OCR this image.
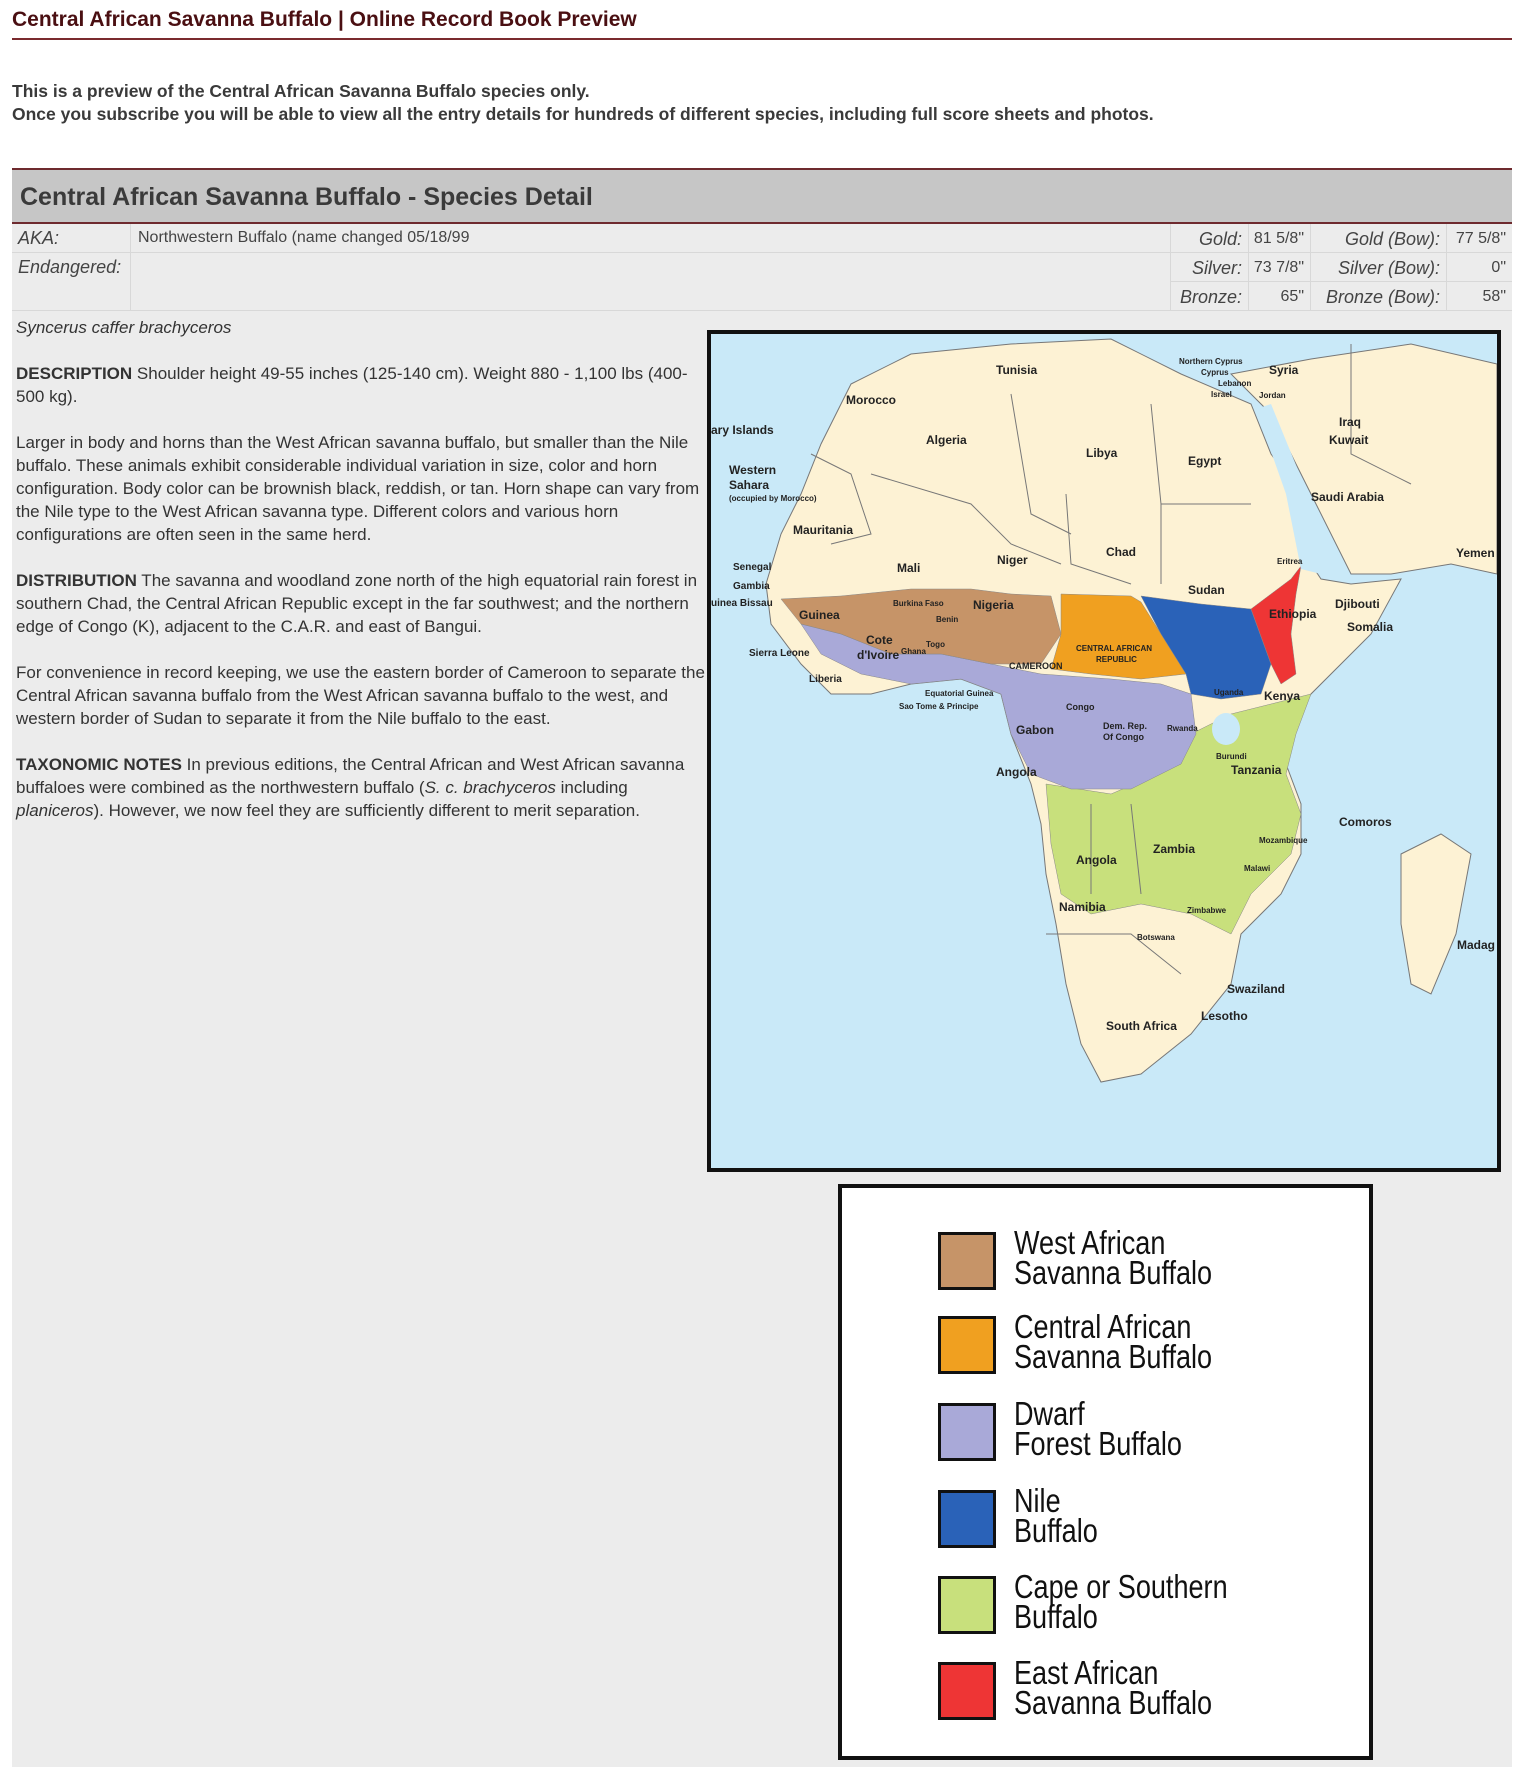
Central African Savanna Buffalo | Online Record Book Preview
This is a preview of the Central African Savanna Buffalo species only.
Once you subscribe you will be able to view all the entry details for hundreds of different species, including full score sheets and photos.
Central African Savanna Buffalo - Species Detail
AKA:	Northwestern Buffalo (name changed 05/18/99
Endangered:
Gold: 81 5/8"	Gold (Bow): 77 5/8"
Silver: 73 7/8"	Silver (Bow):	0"
Bronze:	65"	Bronze (Bow):	58"

Syncerus caffer brachyceros

DESCRIPTION Shoulder height 49-55 inches (125-140 cm). Weight 880 - 1,100 lbs (400-500 kg).

Larger in body and horns than the West African savanna buffalo, but smaller than the Nile buffalo. These animals exhibit considerable individual variation in size, color and horn configuration. Body color can be brownish black, reddish, or tan. Horn shape can vary from the Nile type to the West African savanna type. Different colors and various horn configurations are often seen in the same herd.

DISTRIBUTION The savanna and woodland zone north of the high equatorial rain forest in southern Chad, the Central African Republic except in the far southwest; and the northern edge of Congo (K), adjacent to the C.A.R. and east of Bangui.

For convenience in record keeping, we use the eastern border of Cameroon to separate the Central African savanna buffalo from the West African savanna buffalo to the west, and western border of Sudan to separate it from the Nile buffalo to the east.

TAXONOMIC NOTES In previous editions, the Central African and West African savanna buffaloes were combined as the northwestern buffalo (S. c. brachyceros including planiceros). However, we now feel they are sufficiently different to merit separation.

Tunisia
Morocco
Algeria
Libya
Egypt
Northern Cyprus
Cyprus
Lebanon
Israel	Jordan
Syria
Iraq
Kuwait
Saudi Arabia
Yemen
ary Islands
Western
Sahara
(occupied by Morocco)
Mauritania
Mali
Niger
Chad
Sudan
Eritrea
Ethiopia
Djibouti
Somalia
Senegal
Gambia
uinea Bissau
Guinea
Burkina Faso
Benin
Nigeria
Sierra Leone
Cote
d'Ivoire Ghana
Togo
Liberia
CENTRAL AFRICAN
REPUBLIC
CAMEROON
Equatorial Guinea
Sao Tome & Principe	Congo
Gabon	Dem. Rep.
Of Congo
Uganda Kenya
Rwanda
Burundi
Tanzania
Angola
Angola
Zambia
Comoros
Mozambique
Malawi
Namibia	Zimbabwe
Botswana
Madag
Swaziland
Lesotho
South Africa
West African
Savanna Buffalo
Central African
Savanna Buffalo
Dwarf
Forest Buffalo
Nile
Buffalo
Cape or Southern
Buffalo
East African
Savanna Buffalo
